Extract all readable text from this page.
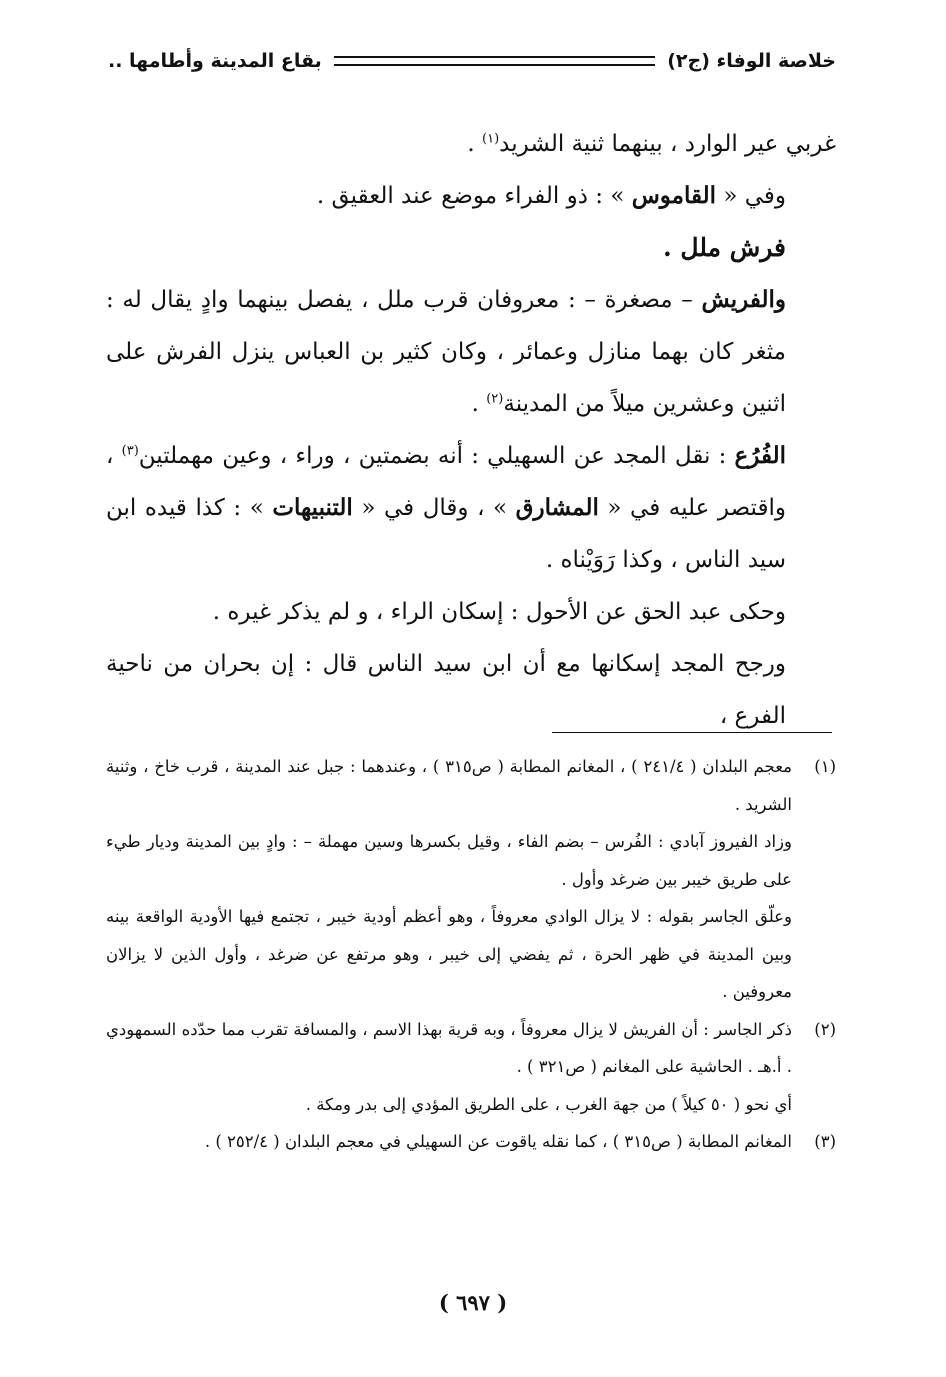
خلاصة الوفاء (ج٢)
بقاع المدينة وأطامها ..

غربي عير الوارد ، بينهما ثنية الشريد$^{(١)}$ .

وفي « القاموس » : ذو الفراء موضع عند العقيق .

فرش ملل .

والفريش – مصغرة – : معروفان قرب ملل ، يفصل بينهما وادٍ يقال له : مثغر كان بهما منازل وعمائر ، وكان كثير بن العباس ينزل الفرش على اثنين وعشرين ميلاً من المدينة$^{(٢)}$ .

الفُرُع : نقل المجد عن السهيلي : أنه بضمتين ، وراء ، وعين مهملتين$^{(٣)}$ ، واقتصر عليه في « المشارق » ، وقال في « التنبيهات » : كذا قيده ابن سيد الناس ، وكذا رَوَيْناه .

وحكى عبد الحق عن الأحول : إسكان الراء ، و لم يذكر غيره .

ورجح المجد إسكانها مع أن ابن سيد الناس قال : إن بحران من ناحية الفرع ،

(١)
معجم البلدان ( ٢٤١/٤ ) ، المغانم المطابة ( ص٣١٥ ) ، وعندهما : جبل عند المدينة ، قرب خاخ ، وثنية الشريد .

وزاد الفيروز آبادي : الفُرس – بضم الفاء ، وقيل بكسرها وسين مهملة – : وادٍ بين المدينة وديار طيء على طريق خيبر بين ضرغد وأول .

وعلّق الجاسر بقوله : لا يزال الوادي معروفاً ، وهو أعظم أودية خيبر ، تجتمع فيها الأودية الواقعة بينه وبين المدينة في ظهر الحرة ، ثم يفضي إلى خيبر ، وهو مرتفع عن ضرغد ، وأول الذين لا يزالان معروفين .

(٢)
ذكر الجاسر : أن الفريش لا يزال معروفاً ، وبه قرية بهذا الاسم ، والمسافة تقرب مما حدّده السمهودي . أ.هـ . الحاشية على المغانم ( ص٣٢١ ) .

أي نحو ( ٥٠ كيلاً ) من جهة الغرب ، على الطريق المؤدي إلى بدر ومكة .

(٣)
المغانم المطابة ( ص٣١٥ ) ، كما نقله ياقوت عن السهيلي في معجم البلدان ( ٢٥٢/٤ ) .

( ٦٩٧ )
